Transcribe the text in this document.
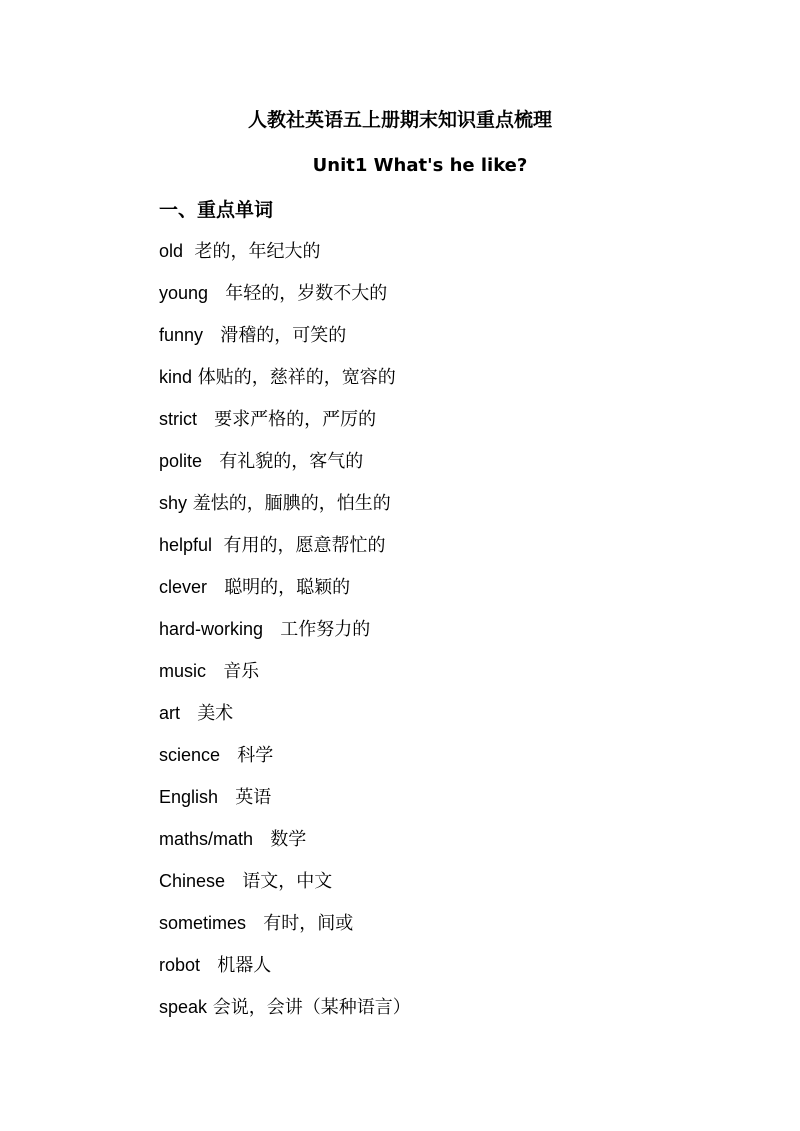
人教社英语五上册期末知识重点梳理
Unit1 What's he like?
一、重点单词
old 老的，年纪大的
young 年轻的，岁数不大的
funny 滑稽的，可笑的
kind 体贴的，慈祥的，宽容的
strict 要求严格的，严厉的
polite 有礼貌的，客气的
shy 羞怯的，腼腆的，怕生的
helpful 有用的，愿意帮忙的
clever 聪明的，聪颖的
hard-working 工作努力的
music 音乐
art 美术
science 科学
English 英语
maths/math 数学
Chinese 语文，中文
sometimes 有时，间或
robot 机器人
speak 会说，会讲（某种语言）
